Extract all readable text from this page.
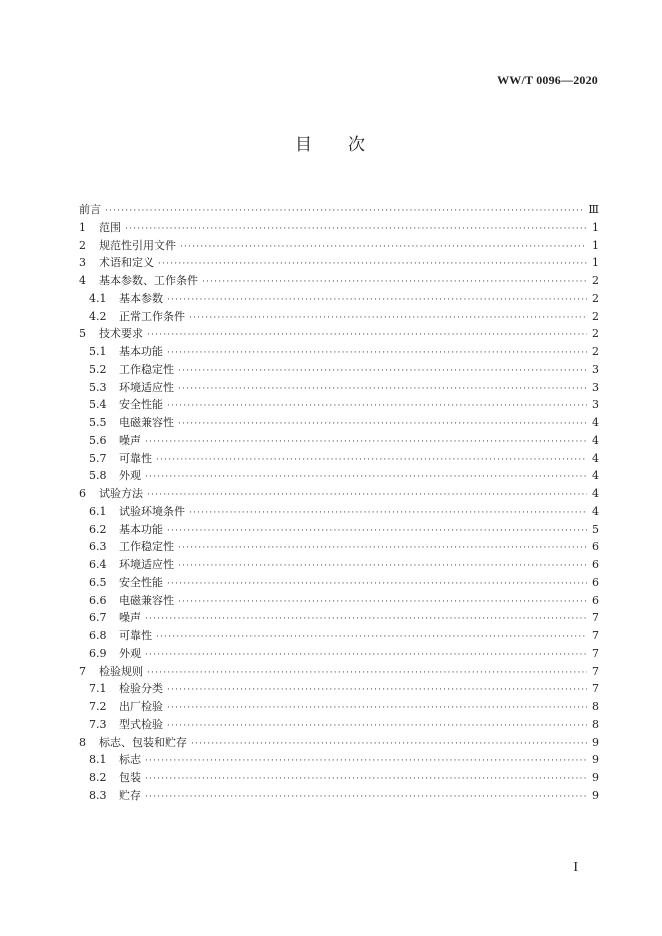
WW/T 0096—2020
目 次
前言 ·····	Ⅲ
1	范围 ·····	1
2	规范性引用文件 ·····	1
3	术语和定义 ·····	1
4	基本参数、工作条件 ·····	2
4.1	基本参数 ·····	2
4.2	正常工作条件 ·····	2
5	技术要求 ·····	2
5.1	基本功能 ·····	2
5.2	工作稳定性 ·····	3
5.3	环境适应性 ·····	3
5.4	安全性能 ·····	3
5.5	电磁兼容性 ·····	4
5.6	噪声 ·····	4
5.7	可靠性 ·····	4
5.8	外观 ·····	4
6	试验方法 ·····	4
6.1	试验环境条件 ·····	4
6.2	基本功能 ·····	5
6.3	工作稳定性 ·····	6
6.4	环境适应性 ·····	6
6.5	安全性能 ·····	6
6.6	电磁兼容性 ·····	6
6.7	噪声 ·····	7
6.8	可靠性 ·····	7
6.9	外观 ·····	7
7	检验规则 ·····	7
7.1	检验分类 ·····	7
7.2	出厂检验 ·····	8
7.3	型式检验 ·····	8
8	标志、包装和贮存 ·····	9
8.1	标志 ·····	9
8.2	包装 ·····	9
8.3	贮存 ·····	9
I
